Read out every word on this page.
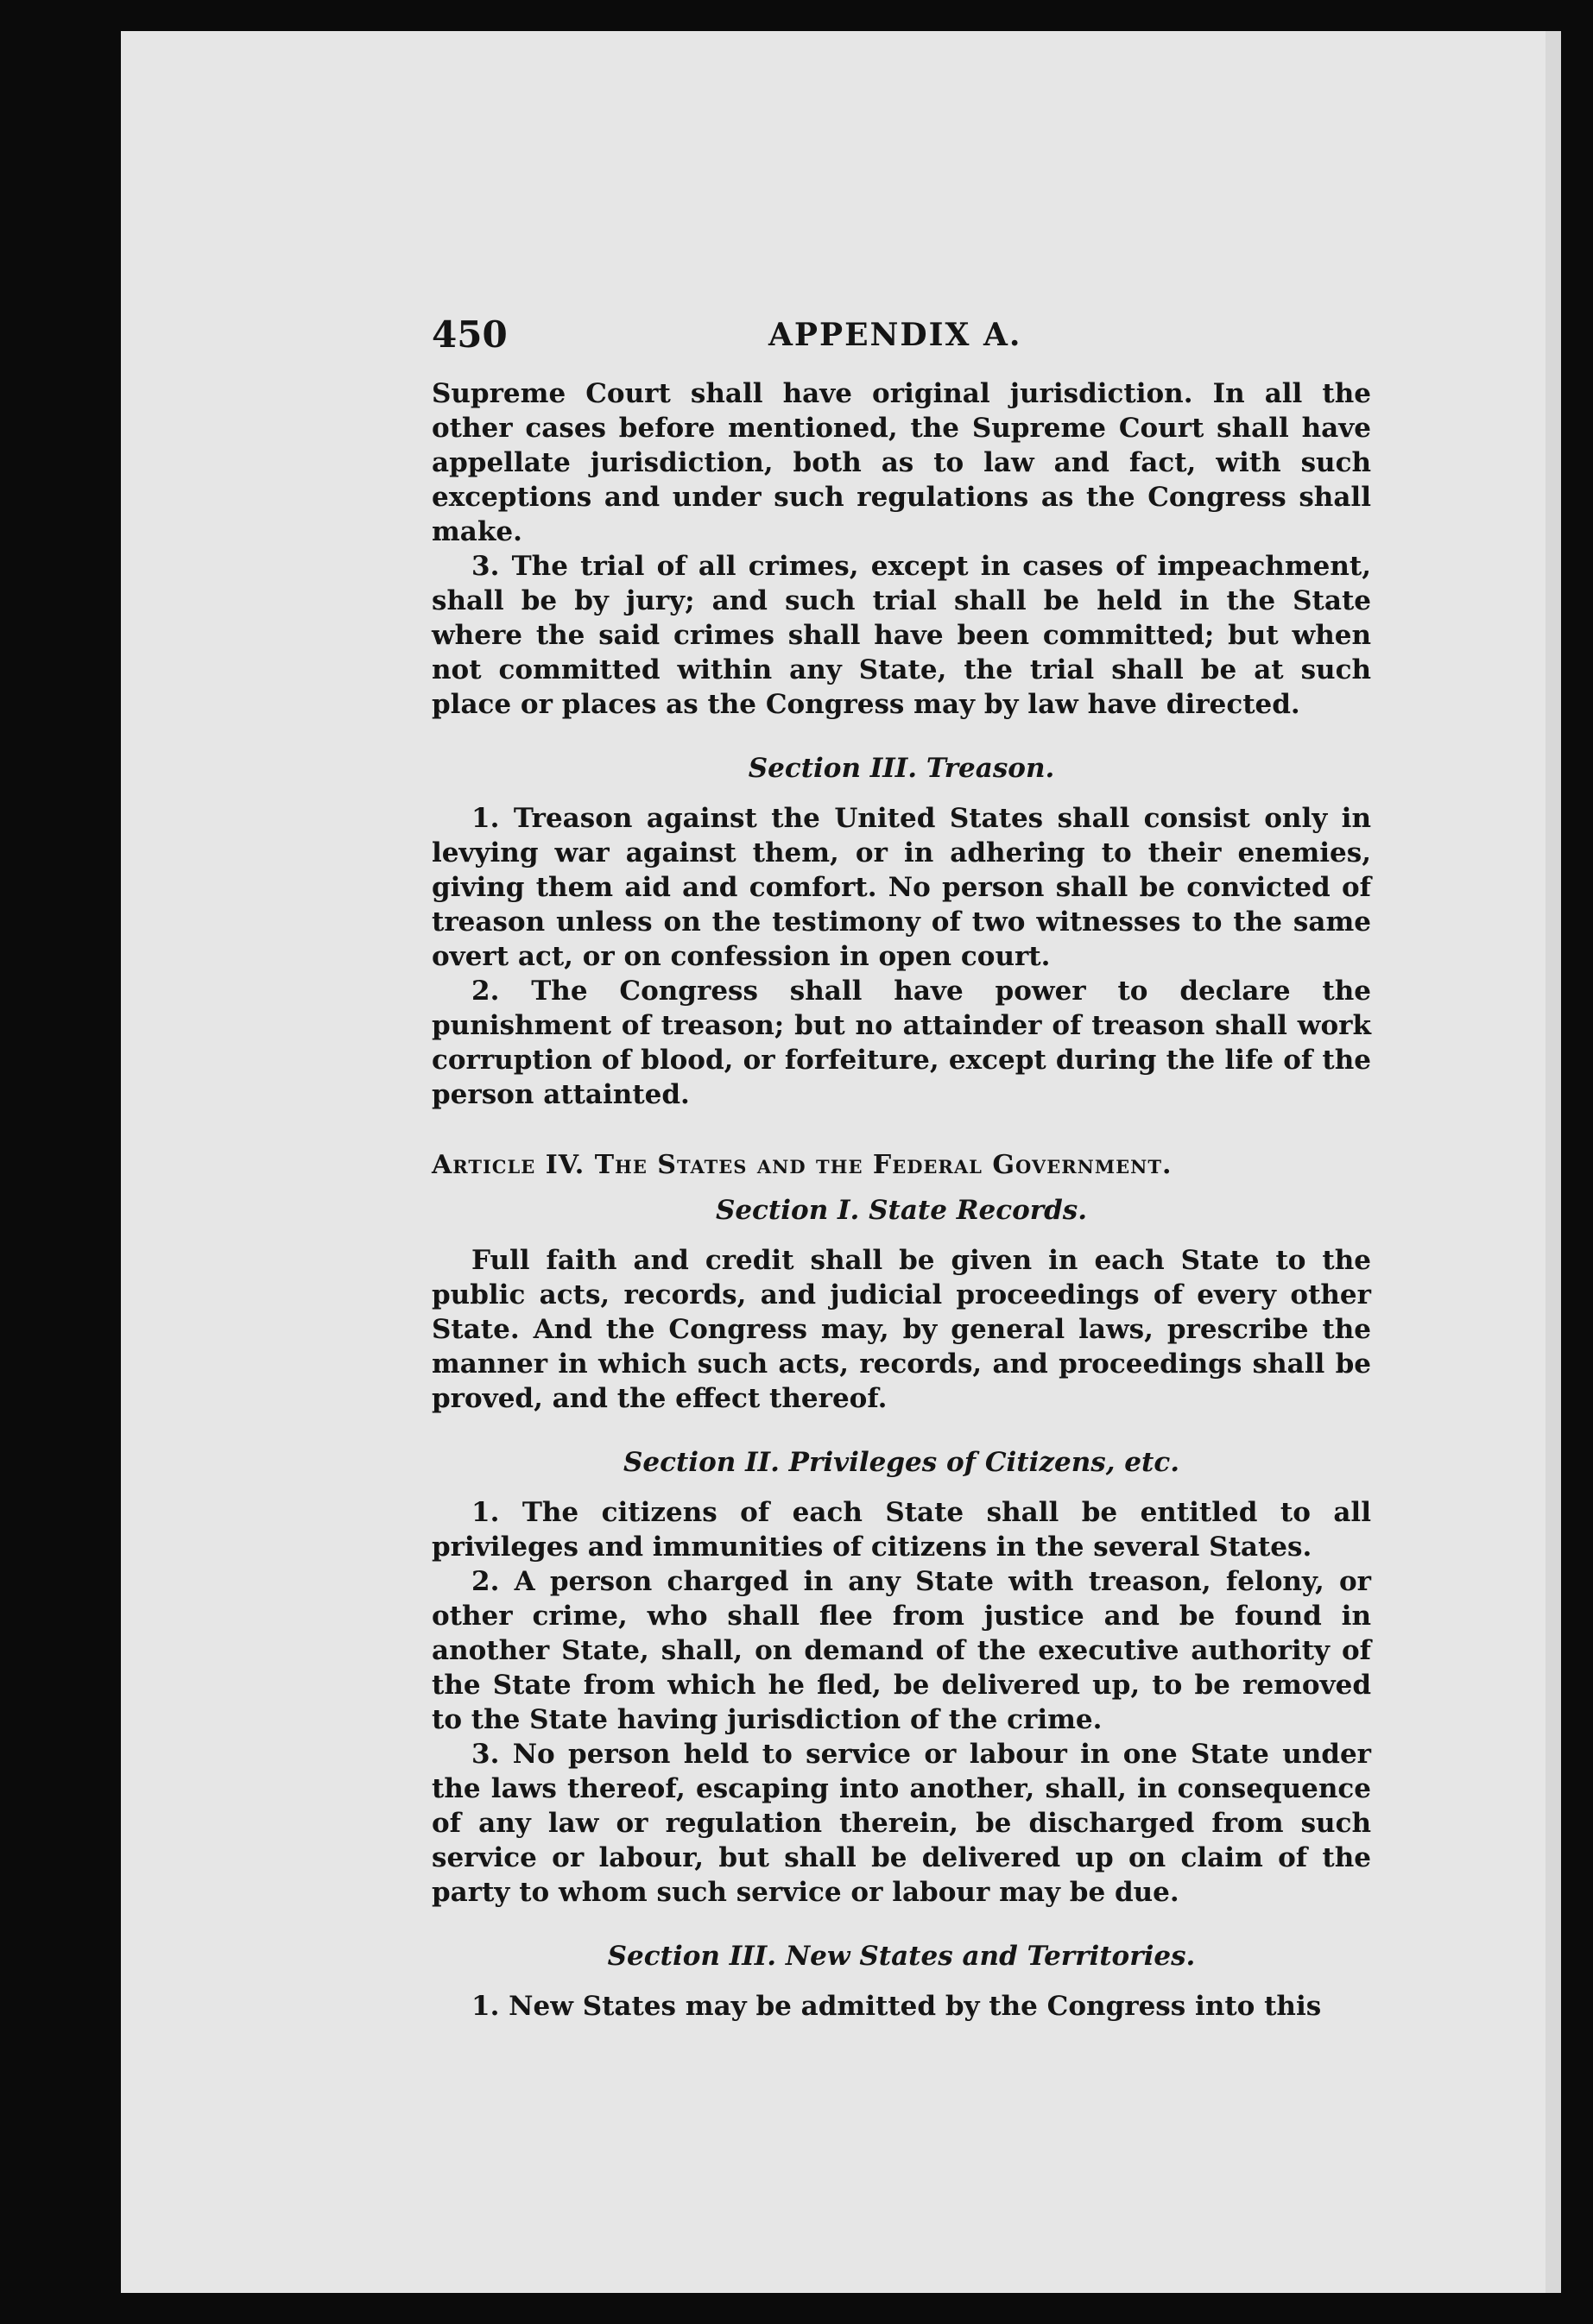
450	APPENDIX A.

Supreme Court shall have original jurisdiction. In all the other cases before mentioned, the Supreme Court shall have appellate jurisdiction, both as to law and fact, with such exceptions and under such regulations as the Congress shall make.

3. The trial of all crimes, except in cases of impeachment, shall be by jury; and such trial shall be held in the State where the said crimes shall have been committed; but when not committed within any State, the trial shall be at such place or places as the Congress may by law have directed.

Section III. Treason.

1. Treason against the United States shall consist only in levying war against them, or in adhering to their enemies, giving them aid and comfort. No person shall be convicted of treason unless on the testimony of two witnesses to the same overt act, or on confession in open court.

2. The Congress shall have power to declare the punishment of treason; but no attainder of treason shall work corruption of blood, or forfeiture, except during the life of the person attainted.

Article IV. The States and the Federal Government.
Section I. State Records.

Full faith and credit shall be given in each State to the public acts, records, and judicial proceedings of every other State. And the Congress may, by general laws, prescribe the manner in which such acts, records, and proceedings shall be proved, and the effect thereof.

Section II. Privileges of Citizens, etc.

1. The citizens of each State shall be entitled to all privileges and immunities of citizens in the several States.

2. A person charged in any State with treason, felony, or other crime, who shall flee from justice and be found in another State, shall, on demand of the executive authority of the State from which he fled, be delivered up, to be removed to the State having jurisdiction of the crime.

3. No person held to service or labour in one State under the laws thereof, escaping into another, shall, in consequence of any law or regulation therein, be discharged from such service or labour, but shall be delivered up on claim of the party to whom such service or labour may be due.

Section III. New States and Territories.

1. New States may be admitted by the Congress into this
